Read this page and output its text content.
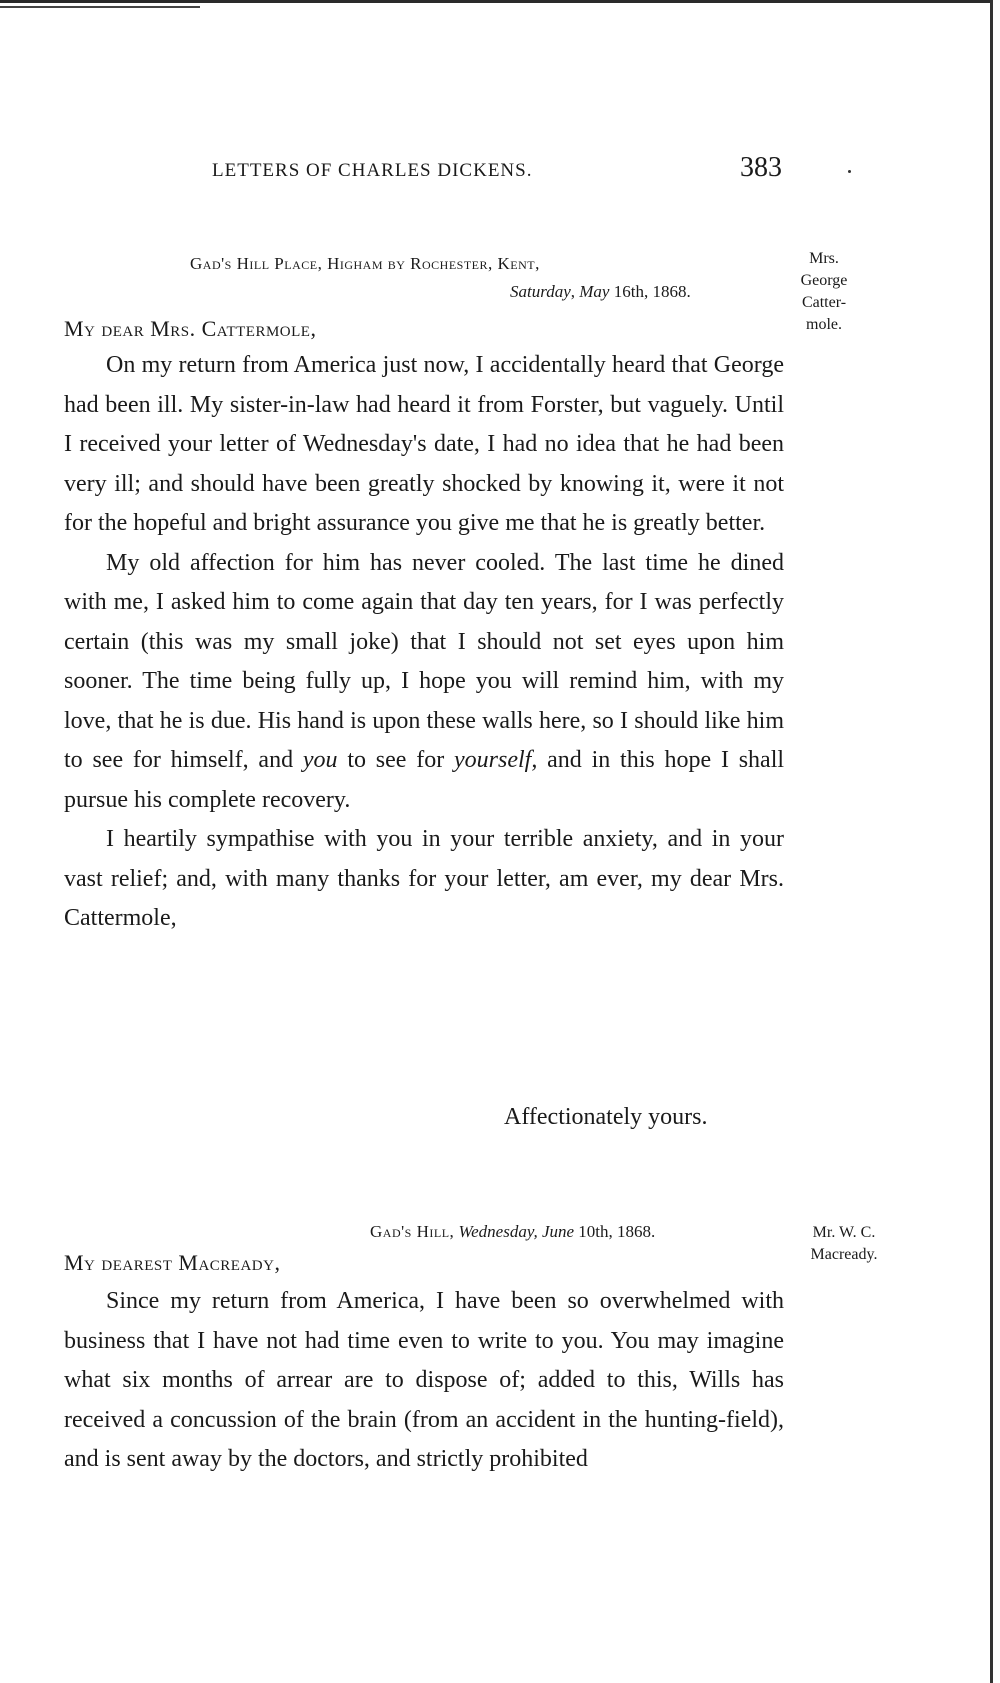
LETTERS OF CHARLES DICKENS.	383
Gad's Hill Place, Higham by Rochester, Kent,
Saturday, May 16th, 1868.
Mrs.
George
Catter-
mole.
My dear Mrs. Cattermole,

On my return from America just now, I accidentally heard that George had been ill. My sister-in-law had heard it from Forster, but vaguely. Until I received your letter of Wednesday's date, I had no idea that he had been very ill; and should have been greatly shocked by knowing it, were it not for the hopeful and bright assurance you give me that he is greatly better.

My old affection for him has never cooled. The last time he dined with me, I asked him to come again that day ten years, for I was perfectly certain (this was my small joke) that I should not set eyes upon him sooner. The time being fully up, I hope you will remind him, with my love, that he is due. His hand is upon these walls here, so I should like him to see for himself, and you to see for yourself, and in this hope I shall pursue his complete recovery.

I heartily sympathise with you in your terrible anxiety, and in your vast relief; and, with many thanks for your letter, am ever, my dear Mrs. Cattermole,

Affectionately yours.
Gad's Hill, Wednesday, June 10th, 1868.	Mr. W. C.
Macready.
My dearest Macready,

Since my return from America, I have been so overwhelmed with business that I have not had time even to write to you. You may imagine what six months of arrear are to dispose of; added to this, Wills has received a concussion of the brain (from an accident in the hunting-field), and is sent away by the doctors, and strictly prohibited
